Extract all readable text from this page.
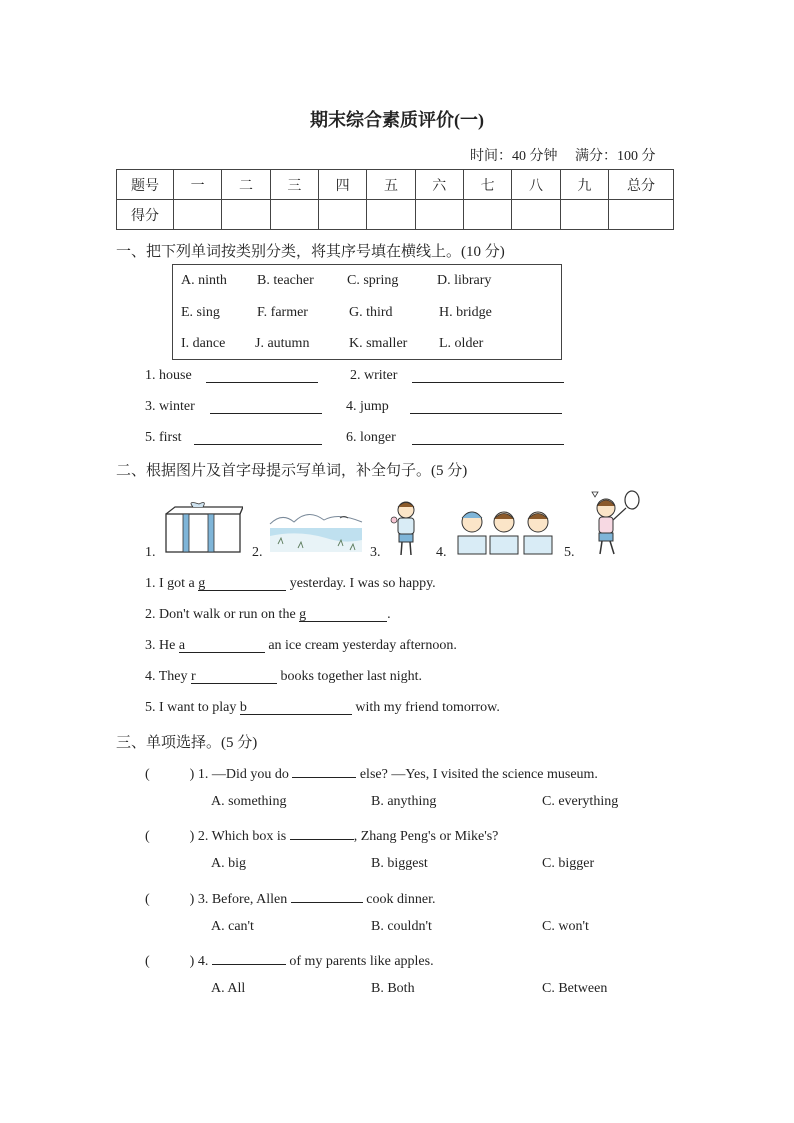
期末综合素质评价(一)
时间：40 分钟 满分：100 分
题号	一	二	三	四	五	六	七	八	九	总分
得分										
一、把下列单词按类别分类，将其序号填在横线上。(10 分)
A. ninth B. teacher C. spring	D. library
E. sing	F. farmer	G. third	H. bridge
I. dance J. autumn	K. smaller L. older
1. house	2. writer
3. winter	4. jump
5. first	6. longer
二、根据图片及首字母提示写单词，补全句子。(5 分)
1.	2.	3.	4.	5.
1. I got a g	yesterday. I was so happy.
2. Don't walk or run on the g	.
3. He a	an ice cream yesterday afternoon.
4. They r	books together last night.
5. I want to play b	with my friend tomorrow.
三、单项选择。(5 分)
(	) 1. —Did you do	else? —Yes, I visited the science museum.
A. something	B. anything	C. everything
(	) 2. Which box is	, Zhang Peng's or Mike's?
A. big	B. biggest	C. bigger
(	) 3. Before, Allen	cook dinner.
A. can't	B. couldn't	C. won't
(	) 4.	of my parents like apples.
A. All	B. Both	C. Between
